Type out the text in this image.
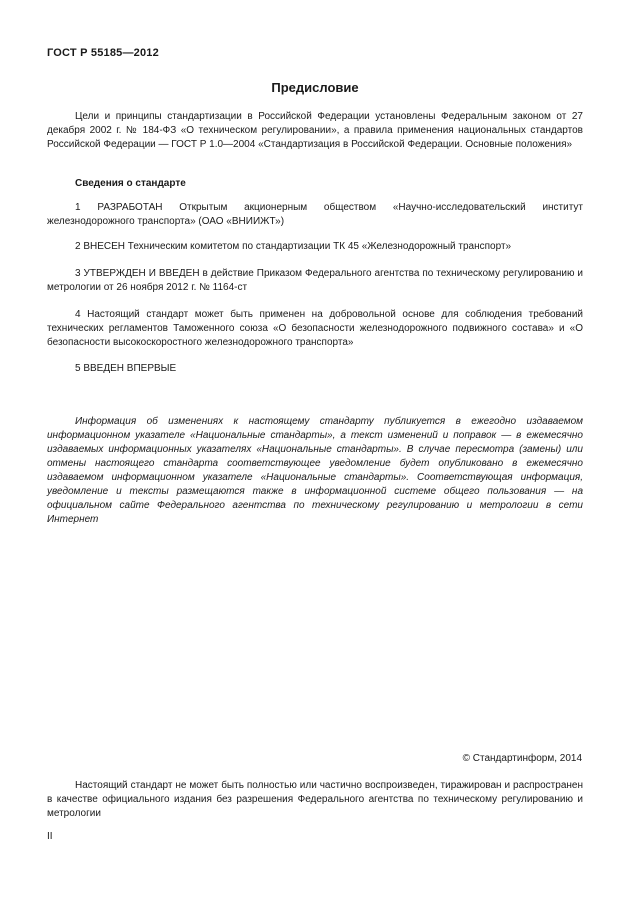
ГОСТ Р 55185—2012
Предисловие

Цели и принципы стандартизации в Российской Федерации установлены Федеральным законом от 27 декабря 2002 г. № 184-ФЗ «О техническом регулировании», а правила применения национальных стандартов Российской Федерации — ГОСТ Р 1.0—2004 «Стандартизация в Российской Федерации. Основные положения»

Сведения о стандарте

1 РАЗРАБОТАН Открытым акционерным обществом «Научно-исследовательский институт железнодорожного транспорта» (ОАО «ВНИИЖТ»)

2 ВНЕСЕН Техническим комитетом по стандартизации ТК 45 «Железнодорожный транспорт»

3 УТВЕРЖДЕН И ВВЕДЕН в действие Приказом Федерального агентства по техническому регулированию и метрологии от 26 ноября 2012 г. № 1164-ст

4 Настоящий стандарт может быть применен на добровольной основе для соблюдения требований технических регламентов Таможенного союза «О безопасности железнодорожного подвижного состава» и «О безопасности высокоскоростного железнодорожного транспорта»

5 ВВЕДЕН ВПЕРВЫЕ

Информация об изменениях к настоящему стандарту публикуется в ежегодно издаваемом информационном указателе «Национальные стандарты», а текст изменений и поправок — в ежемесячно издаваемых информационных указателях «Национальные стандарты». В случае пересмотра (замены) или отмены настоящего стандарта соответствующее уведомление будет опубликовано в ежемесячно издаваемом информационном указателе «Национальные стандарты». Соответствующая информация, уведомление и тексты размещаются также в информационной системе общего пользования — на официальном сайте Федерального агентства по техническому регулированию и метрологии в сети Интернет

© Стандартинформ, 2014

Настоящий стандарт не может быть полностью или частично воспроизведен, тиражирован и распространен в качестве официального издания без разрешения Федерального агентства по техническому регулированию и метрологии

II
